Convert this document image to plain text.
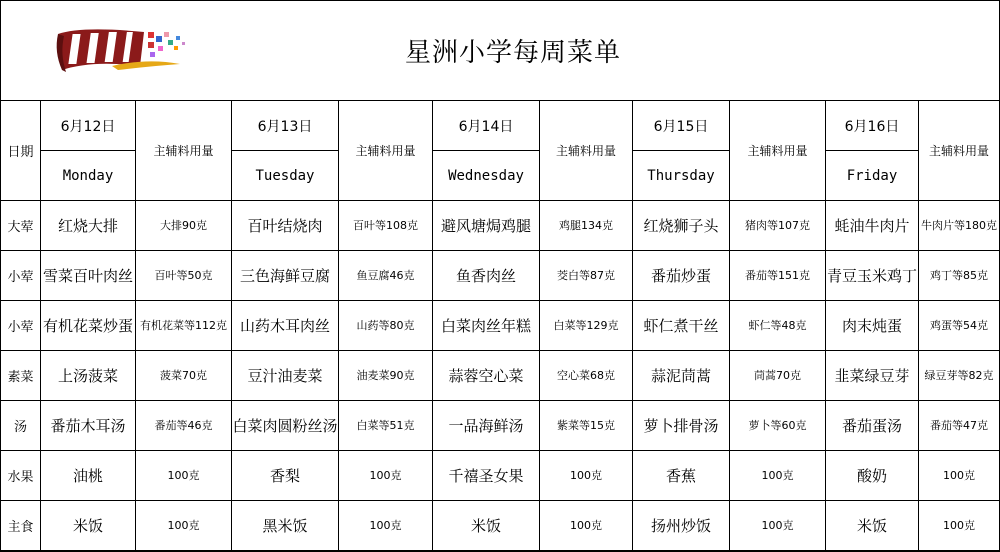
星洲小学每周菜单
日期	6月12日	主辅料用量	6月13日	主辅料用量	6月14日	主辅料用量	6月15日	主辅料用量	6月16日	主辅料用量
	Monday		Tuesday		Wednesday		Thursday		Friday	
大荤	红烧大排	大排90克	百叶结烧肉	百叶等108克	避风塘焗鸡腿	鸡腿134克	红烧狮子头	猪肉等107克	蚝油牛肉片	牛肉片等180克
小荤	雪菜百叶肉丝	百叶等50克	三色海鲜豆腐	鱼豆腐46克	鱼香肉丝	茭白等87克	番茄炒蛋	番茄等151克	青豆玉米鸡丁	鸡丁等85克
小荤	有机花菜炒蛋	有机花菜等112克	山药木耳肉丝	山药等80克	白菜肉丝年糕	白菜等129克	虾仁煮干丝	虾仁等48克	肉末炖蛋	鸡蛋等54克
素菜	上汤菠菜	菠菜70克	豆汁油麦菜	油麦菜90克	蒜蓉空心菜	空心菜68克	蒜泥茼蒿	茼蒿70克	韭菜绿豆芽	绿豆芽等82克
汤	番茄木耳汤	番茄等46克	白菜肉圆粉丝汤	白菜等51克	一品海鲜汤	紫菜等15克	萝卜排骨汤	萝卜等60克	番茄蛋汤	番茄等47克
水果	油桃	100克	香梨	100克	千禧圣女果	100克	香蕉	100克	酸奶	100克
主食	米饭	100克	黑米饭	100克	米饭	100克	扬州炒饭	100克	米饭	100克
